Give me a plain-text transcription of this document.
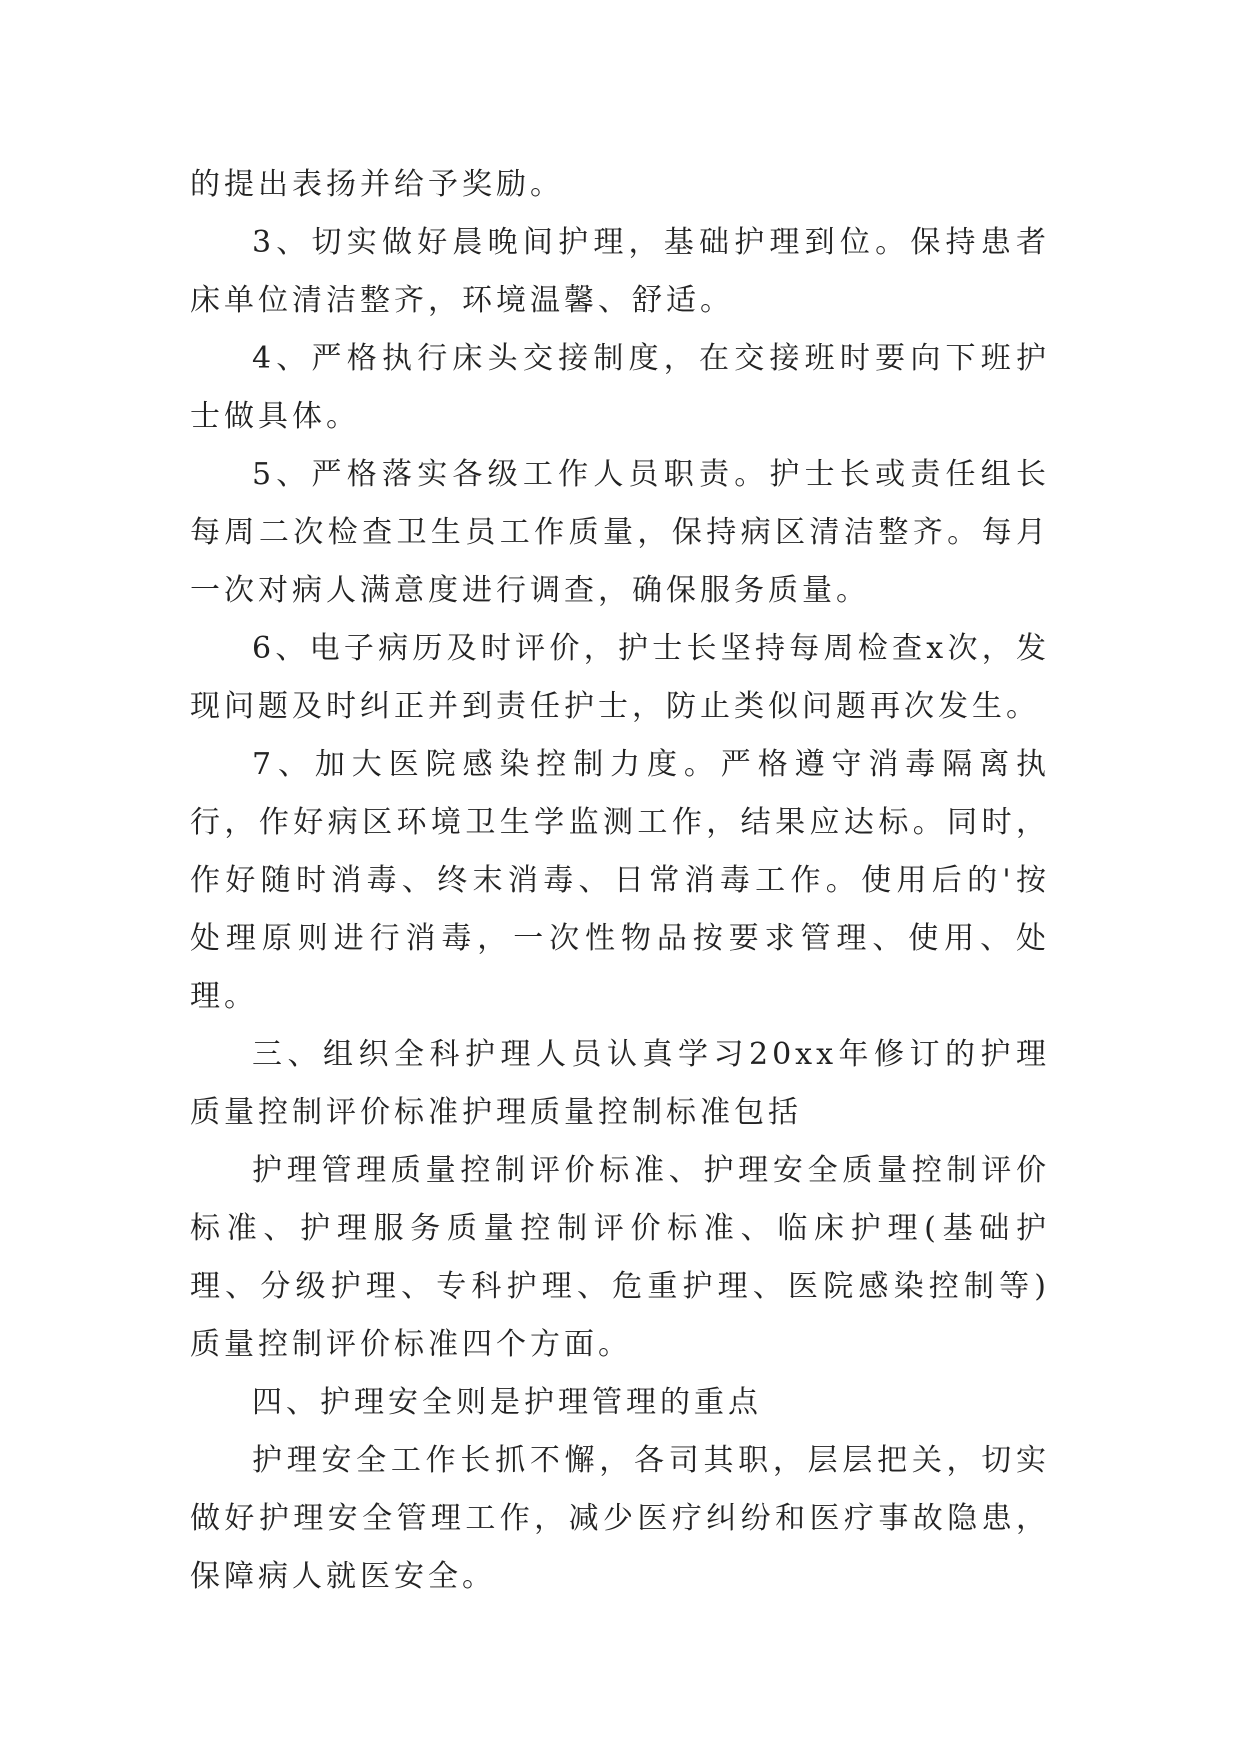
的提出表扬并给予奖励。

3、切实做好晨晚间护理，基础护理到位。保持患者床单位清洁整齐，环境温馨、舒适。

4、严格执行床头交接制度，在交接班时要向下班护士做具体。

5、严格落实各级工作人员职责。护士长或责任组长每周二次检查卫生员工作质量，保持病区清洁整齐。每月一次对病人满意度进行调查，确保服务质量。

6、电子病历及时评价，护士长坚持每周检查x次，发现问题及时纠正并到责任护士，防止类似问题再次发生。

7、加大医院感染控制力度。严格遵守消毒隔离执行，作好病区环境卫生学监测工作，结果应达标。同时，作好随时消毒、终末消毒、日常消毒工作。使用后的'按处理原则进行消毒，一次性物品按要求管理、使用、处理。

三、组织全科护理人员认真学习20xx年修订的护理质量控制评价标准护理质量控制标准包括

护理管理质量控制评价标准、护理安全质量控制评价标准、护理服务质量控制评价标准、临床护理(基础护理、分级护理、专科护理、危重护理、医院感染控制等)质量控制评价标准四个方面。

四、护理安全则是护理管理的重点

护理安全工作长抓不懈，各司其职，层层把关，切实做好护理安全管理工作，减少医疗纠纷和医疗事故隐患，保障病人就医安全。
